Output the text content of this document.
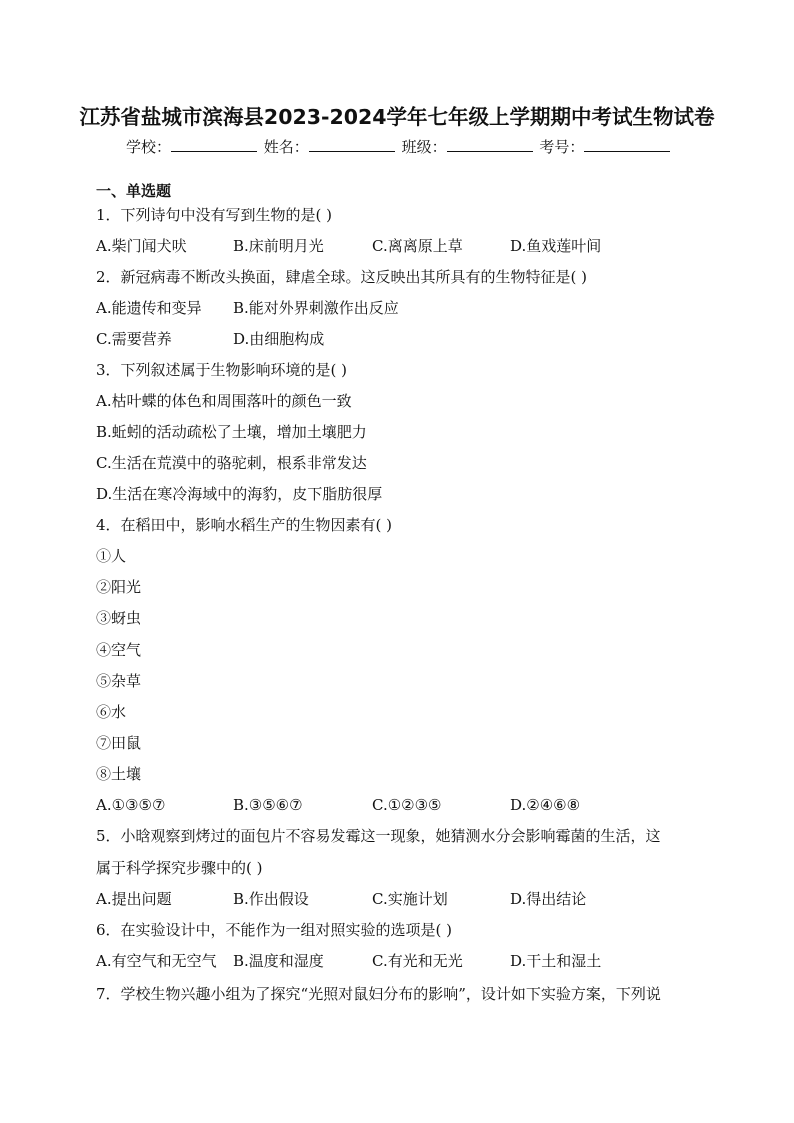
江苏省盐城市滨海县2023-2024学年七年级上学期期中考试生物试卷
学校：	姓名：	班级：	考号：
一、单选题
1．下列诗句中没有写到生物的是( )
A.柴门闻犬吠	B.床前明月光	C.离离原上草	D.鱼戏莲叶间
2．新冠病毒不断改头换面，肆虐全球。这反映出其所具有的生物特征是( )
A.能遗传和变异 B.能对外界刺激作出反应
C.需要营养	D.由细胞构成
3．下列叙述属于生物影响环境的是( )
A.枯叶蝶的体色和周围落叶的颜色一致
B.蚯蚓的活动疏松了土壤，增加土壤肥力
C.生活在荒漠中的骆驼刺，根系非常发达
D.生活在寒冷海域中的海豹，皮下脂肪很厚
4．在稻田中，影响水稻生产的生物因素有( )
①人
②阳光
③蚜虫
④空气
⑤杂草
⑥水
⑦田鼠
⑧土壤
A.①③⑤⑦	B.③⑤⑥⑦	C.①②③⑤	D.②④⑥⑧
5．小晗观察到烤过的面包片不容易发霉这一现象，她猜测水分会影响霉菌的生活，这
属于科学探究步骤中的( )
A.提出问题	B.作出假设	C.实施计划	D.得出结论
6．在实验设计中，不能作为一组对照实验的选项是( )
A.有空气和无空气 B.温度和湿度	C.有光和无光	D.干土和湿土
7．学校生物兴趣小组为了探究“光照对鼠妇分布的影响”，设计如下实验方案，下列说
